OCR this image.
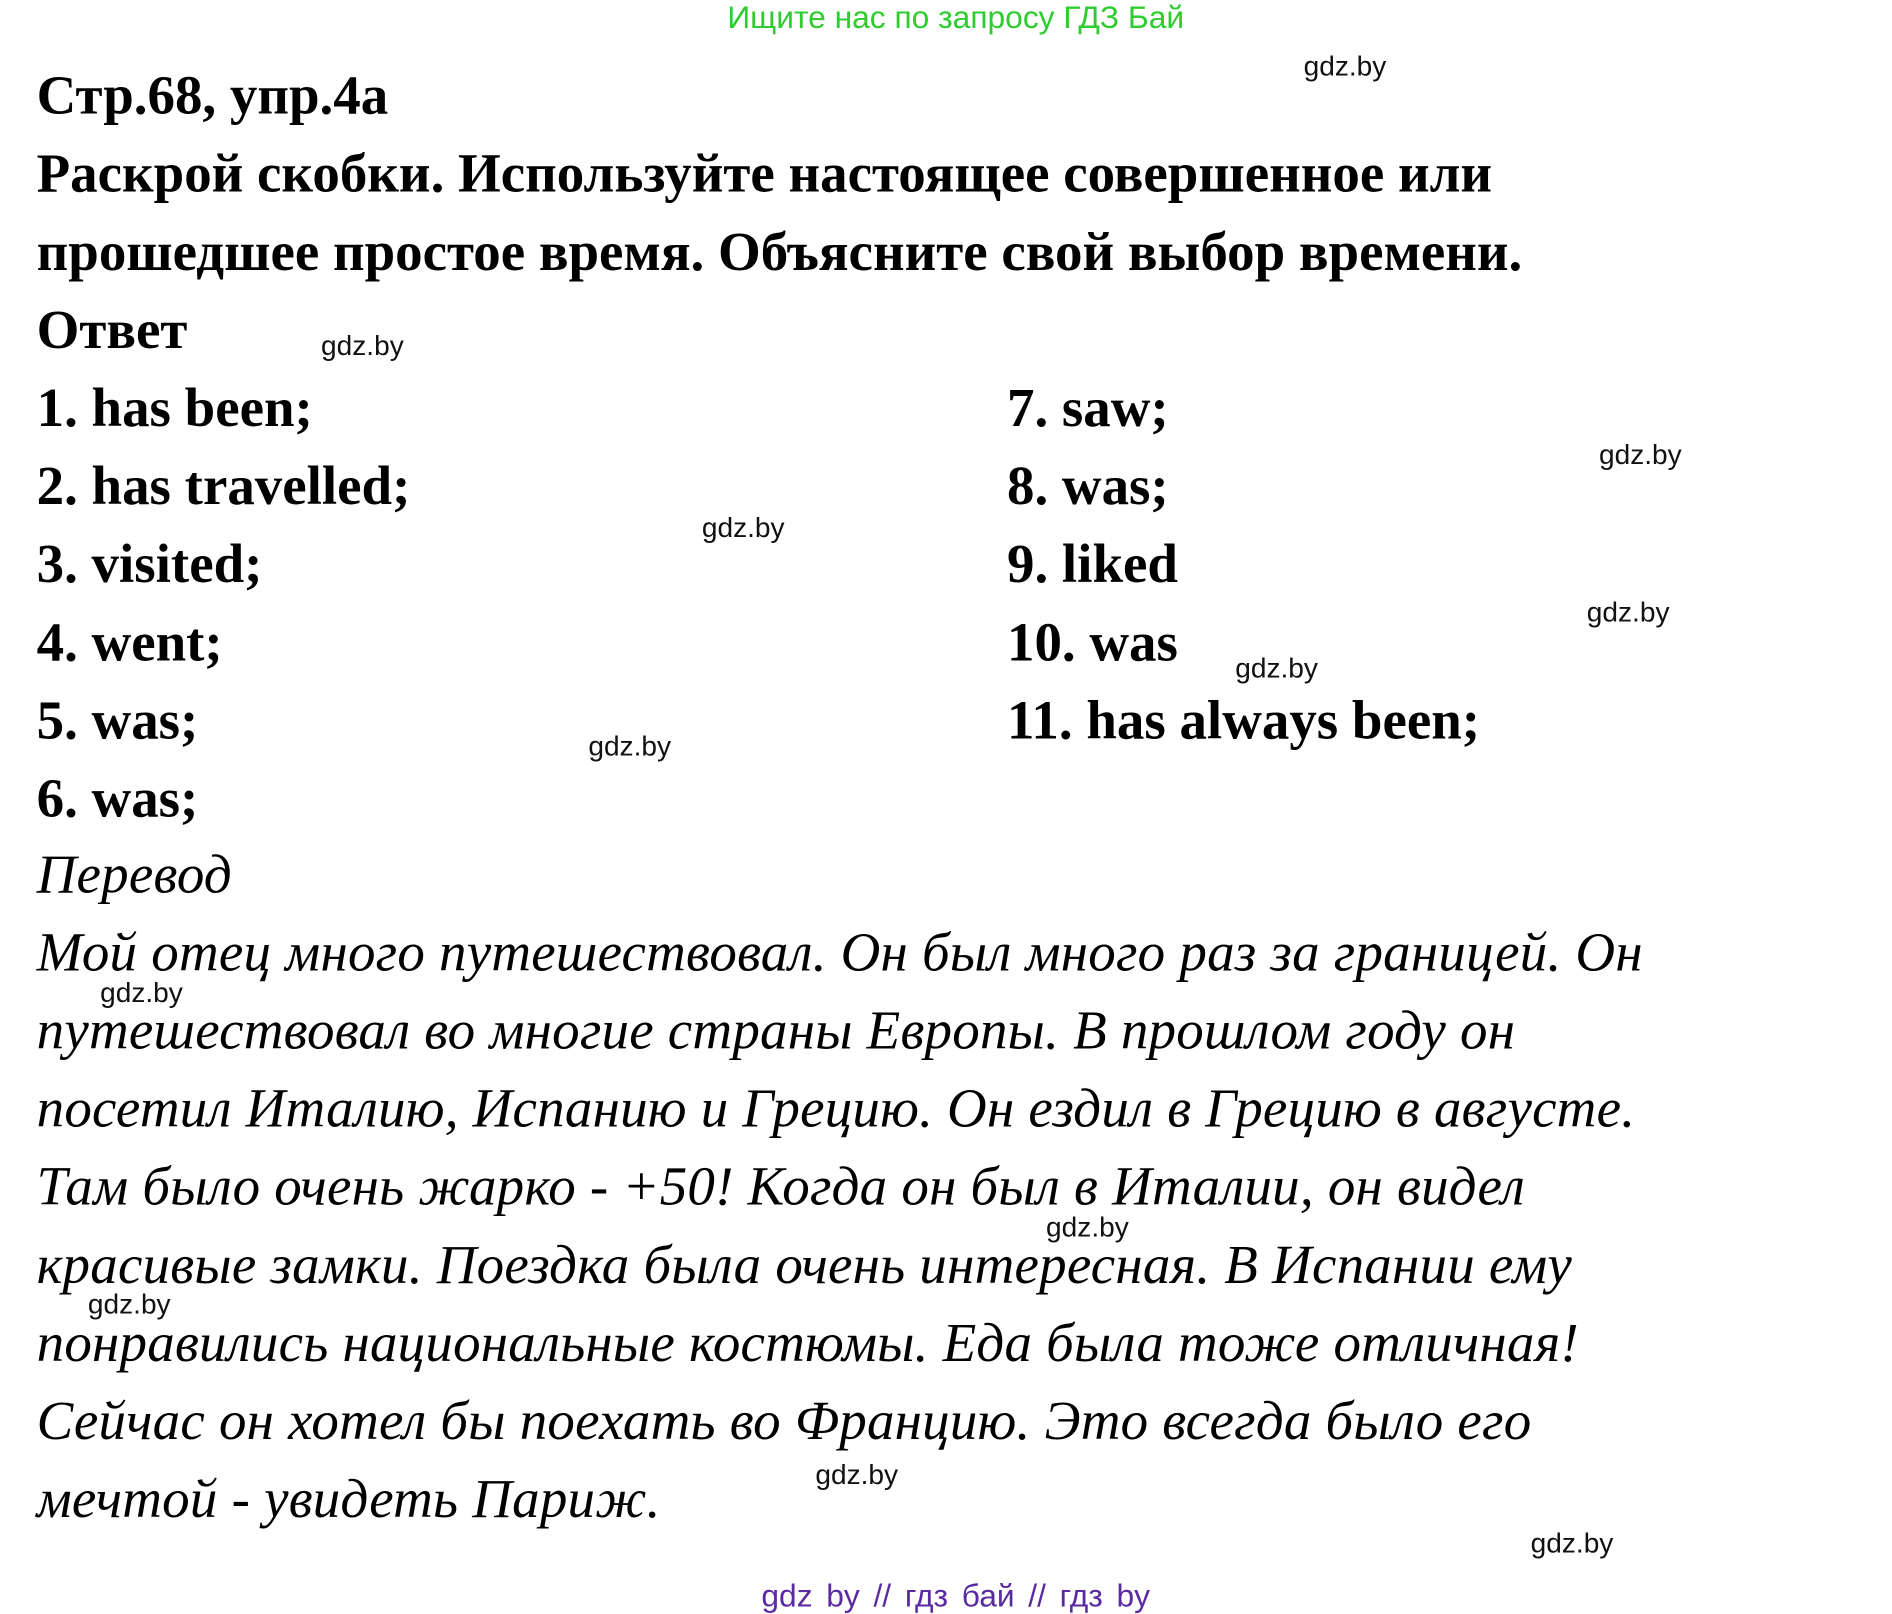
Ищите нас по запросу ГДЗ Бай
Стр.68, упр.4а
Раскрой скобки. Используйте настоящее совершенное или
прошедшее простое время. Объясните свой выбор времени.
Ответ
1. has been;
2. has travelled;
3. visited;
4. went;
5. was;
6. was;
7. saw;
8. was;
9. liked
10. was
11. has always been;
Перевод
Мой отец много путешествовал. Он был много раз за границей. Он
путешествовал во многие страны Европы. В прошлом году он
посетил Италию, Испанию и Грецию. Он ездил в Грецию в августе.
Там было очень жарко - +50! Когда он был в Италии, он видел
красивые замки. Поездка была очень интересная. В Испании ему
понравились национальные костюмы. Еда была тоже отличная!
Сейчас он хотел бы поехать во Францию. Это всегда было его
мечтой - увидеть Париж.
gdz.by
gdz.by
gdz.by
gdz.by
gdz.by
gdz.by
gdz.by
gdz.by
gdz.by
gdz.by
gdz.by
gdz.by
gdz by // гдз бай // гдз by
